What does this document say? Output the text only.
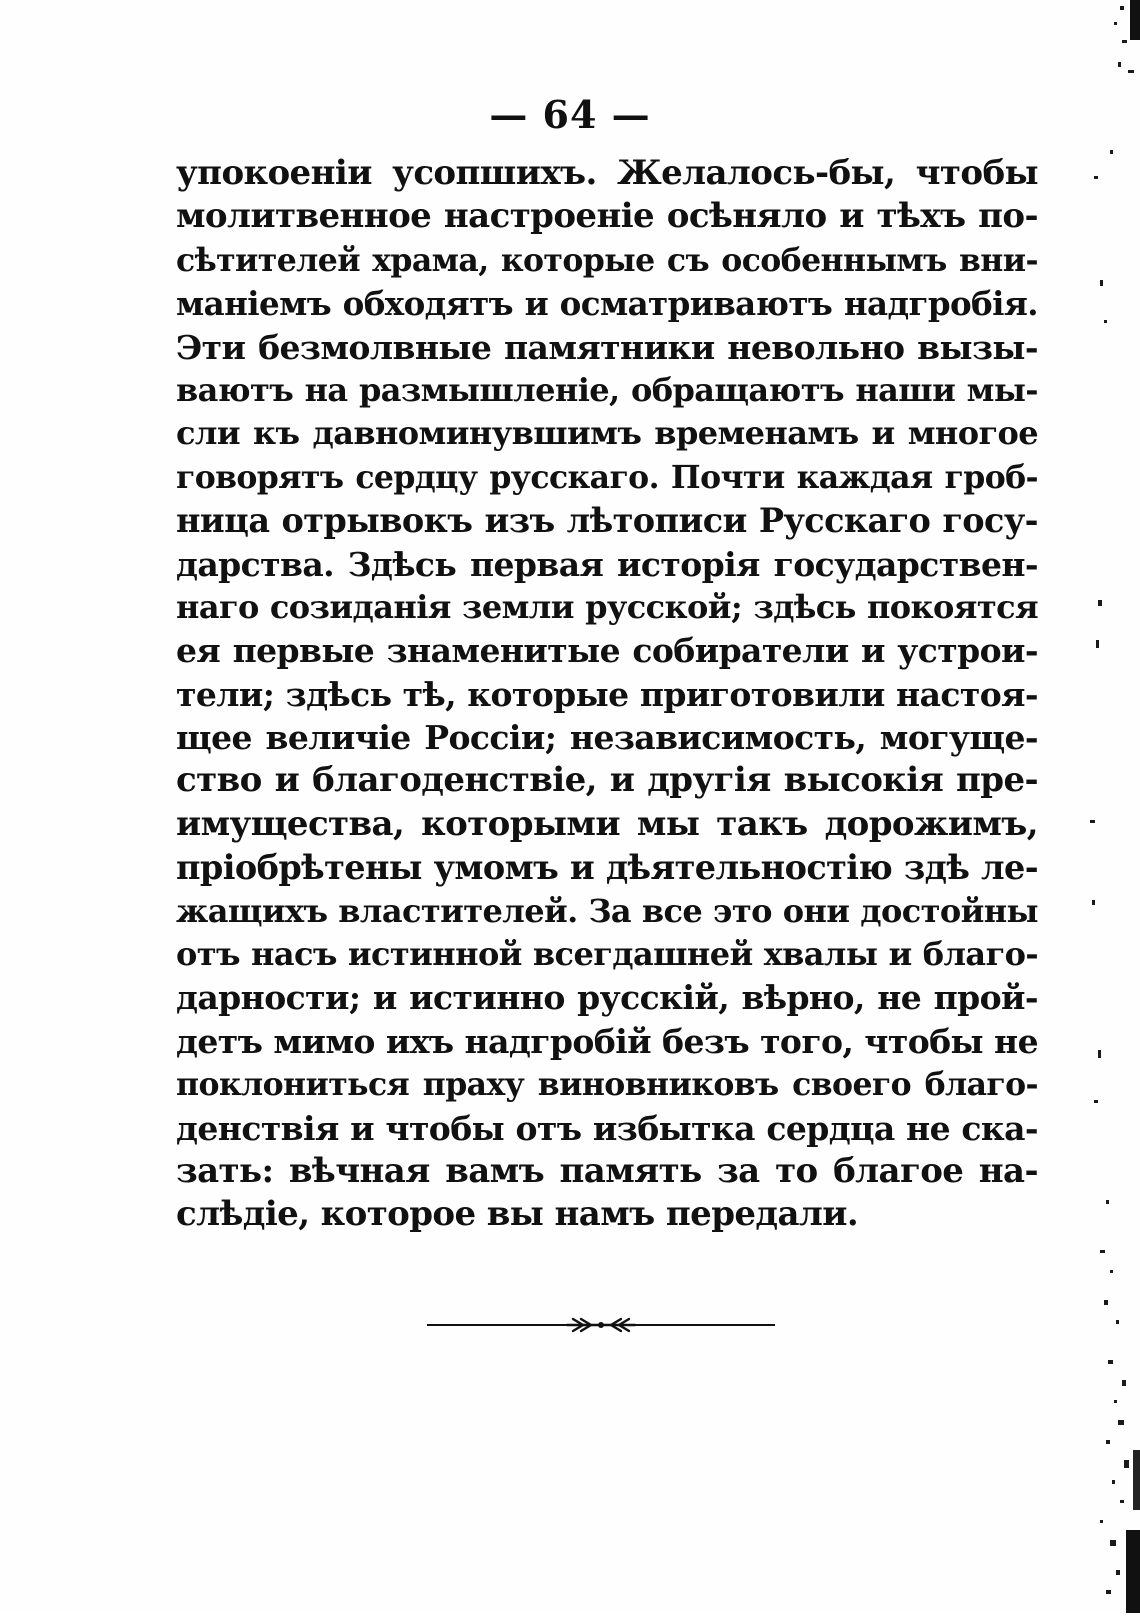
— 64 —
упокоеніи усопшихъ. Желалось-бы, чтобы
молитвенное настроеніе осѣняло и тѣхъ по-
сѣтителей храма, которые съ особеннымъ вни-
маніемъ обходятъ и осматриваютъ надгробія.
Эти безмолвные памятники невольно вызы-
ваютъ на размышленіе, обращаютъ наши мы-
сли къ давноминувшимъ временамъ и многое
говорятъ сердцу русскаго. Почти каждая гроб-
ница отрывокъ изъ лѣтописи Русскаго госу-
дарства. Здѣсь первая исторія государствен-
наго созиданія земли русской; здѣсь покоятся
ея первые знаменитые собиратели и устрои-
тели; здѣсь тѣ, которые приготовили настоя-
щее величіе Россіи; независимость, могуще-
ство и благоденствіе, и другія высокія пре-
имущества, которыми мы такъ дорожимъ,
пріобрѣтены умомъ и дѣятельностію здѣ ле-
жащихъ властителей. За все это они достойны
отъ насъ истинной всегдашней хвалы и благо-
дарности; и истинно русскій, вѣрно, не прой-
детъ мимо ихъ надгробій безъ того, чтобы не
поклониться праху виновниковъ своего благо-
денствія и чтобы отъ избытка сердца не ска-
зать: вѣчная вамъ память за то благое на-
слѣдіе, которое вы намъ передали.
